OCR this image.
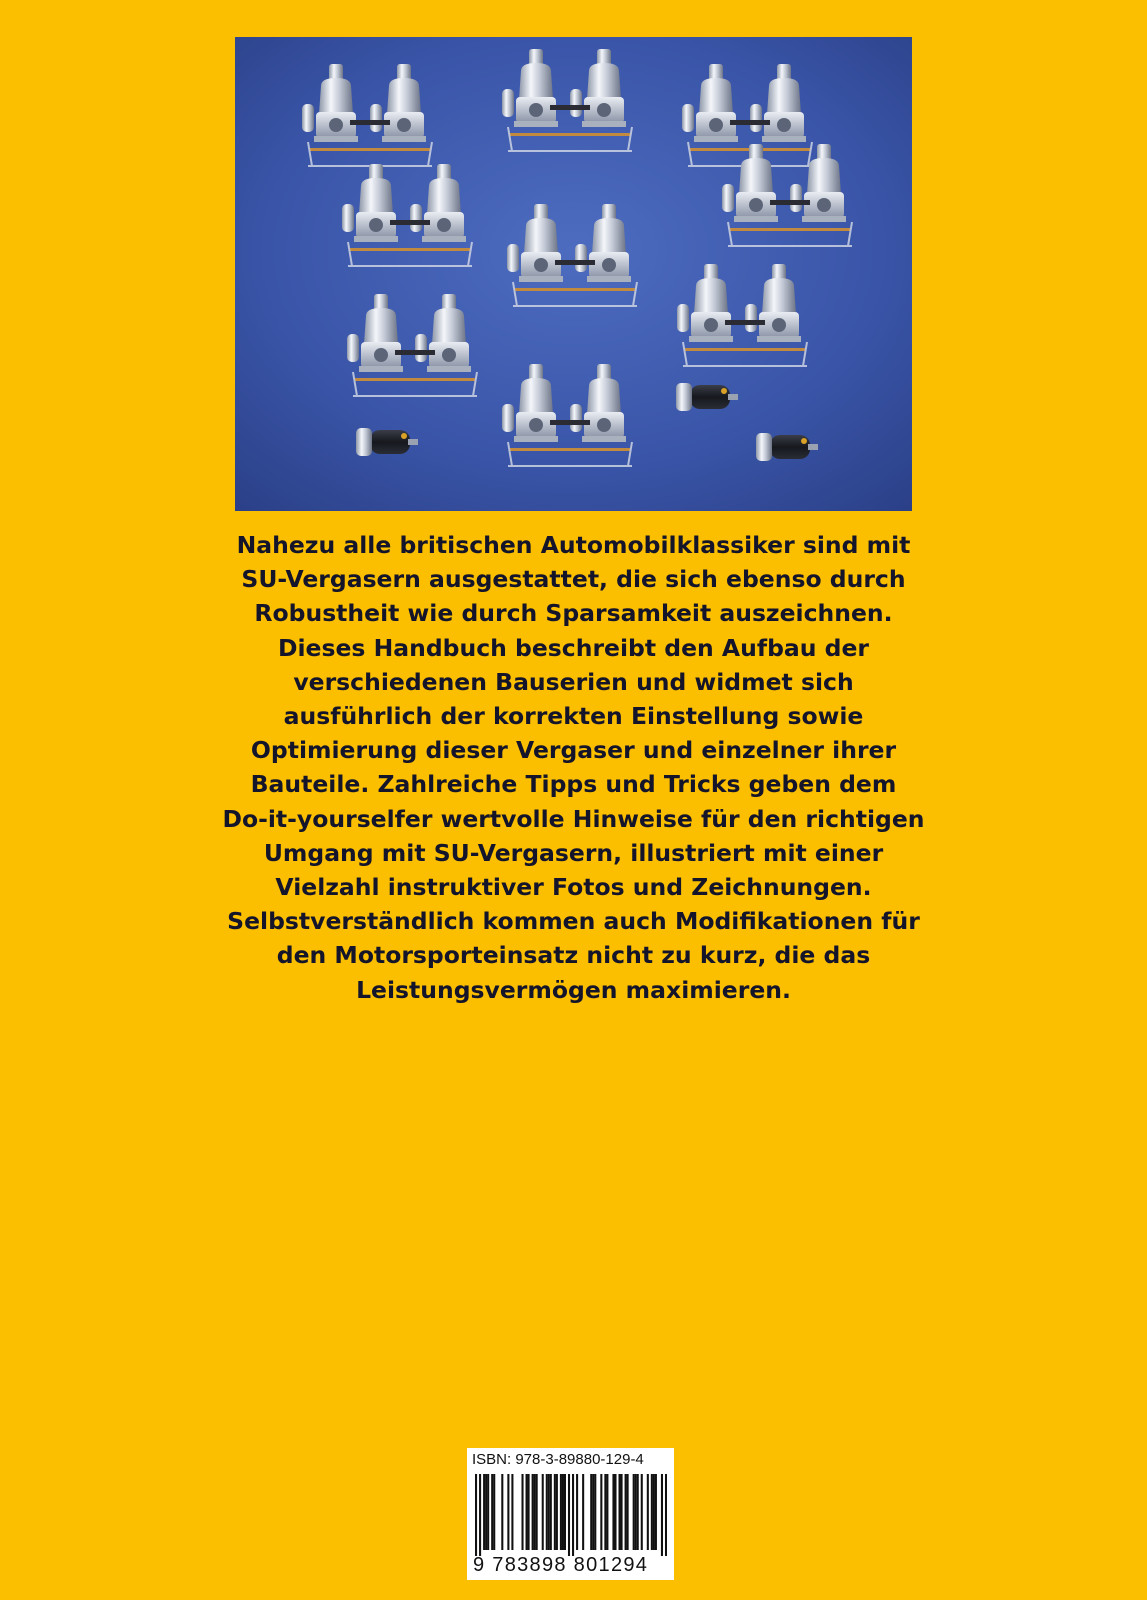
Nahezu alle britischen Automobilklassiker sind mit
SU-Vergasern ausgestattet, die sich ebenso durch
Robustheit wie durch Sparsamkeit auszeichnen.
Dieses Handbuch beschreibt den Aufbau der
verschiedenen Bauserien und widmet sich
ausführlich der korrekten Einstellung sowie
Optimierung dieser Vergaser und einzelner ihrer
Bauteile. Zahlreiche Tipps und Tricks geben dem
Do-it-yourselfer wertvolle Hinweise für den richtigen
Umgang mit SU-Vergasern, illustriert mit einer
Vielzahl instruktiver Fotos und Zeichnungen.
Selbstverständlich kommen auch Modifikationen für
den Motorsporteinsatz nicht zu kurz, die das
Leistungsvermögen maximieren.
ISBN: 978-3-89880-129-4
9 783898 801294
